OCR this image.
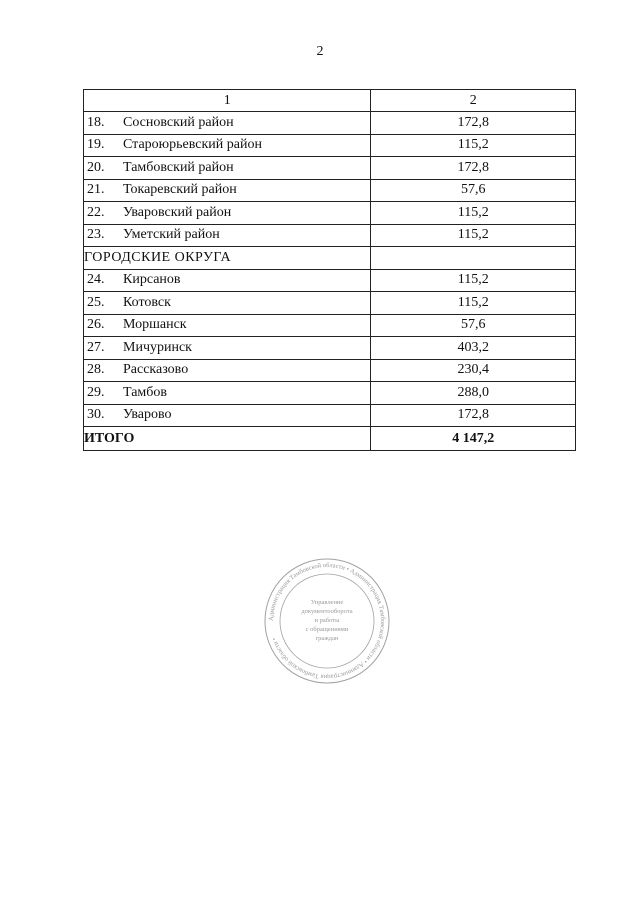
2
1	2
18. Сосновский район	172,8
19. Староюрьевский район	115,2
20. Тамбовский район	172,8
21. Токаревский район	57,6
22. Уваровский район	115,2
23. Уметский район	115,2
ГОРОДСКИЕ ОКРУГА	
24. Кирсанов	115,2
25. Котовск	115,2
26. Моршанск	57,6
27. Мичуринск	403,2
28. Рассказово	230,4
29. Тамбов	288,0
30. Уварово	172,8
ИТОГО	4 147,2
Администрация Тамбовской области • Администрация Тамбовской области • Администрация Тамбовской области •
Управление
документооборота
и работы
с обращениями
граждан
